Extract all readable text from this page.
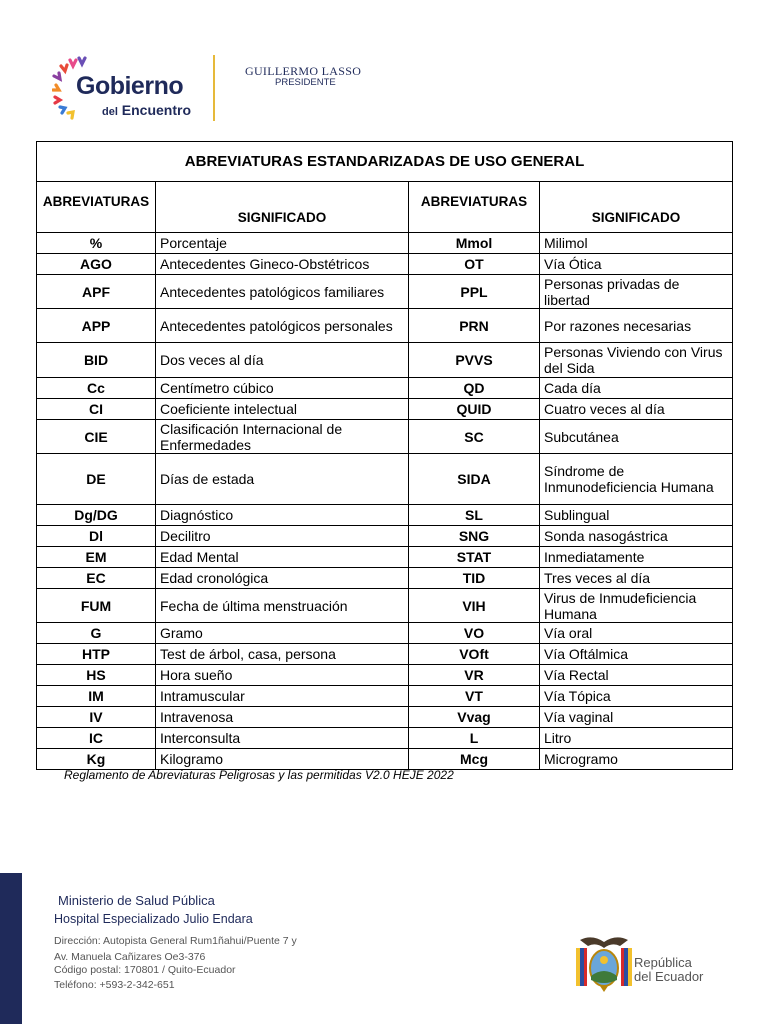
Gobierno
del Encuentro
GUILLERMO LASSO
PRESIDENTE
ABREVIATURAS ESTANDARIZADAS DE USO GENERAL			
ABREVIATURAS	SIGNIFICADO	ABREVIATURAS	SIGNIFICADO
%	Porcentaje	Mmol	Milimol
AGO	Antecedentes Gineco-Obstétricos	OT	Vía Ótica
APF	Antecedentes patológicos familiares	PPL	Personas privadas de libertad
APP	Antecedentes patológicos personales	PRN	Por razones necesarias
BID	Dos veces al día	PVVS	Personas Viviendo con Virus del Sida
Cc	Centímetro cúbico	QD	Cada día
CI	Coeficiente intelectual	QUID	Cuatro veces al día
CIE	Clasificación Internacional de Enfermedades	SC	Subcutánea
DE	Días de estada	SIDA	Síndrome de Inmunodeficiencia Humana
Dg/DG	Diagnóstico	SL	Sublingual
Dl	Decilitro	SNG	Sonda nasogástrica
EM	Edad Mental	STAT	Inmediatamente
EC	Edad cronológica	TID	Tres veces al día
FUM	Fecha de última menstruación	VIH	Virus de Inmudeficiencia Humana
G	Gramo	VO	Vía oral
HTP	Test de árbol, casa, persona	VOft	Vía Oftálmica
HS	Hora sueño	VR	Vía Rectal
IM	Intramuscular	VT	Vía Tópica
IV	Intravenosa	Vvag	Vía vaginal
IC	Interconsulta	L	Litro
Kg	Kilogramo	Mcg	Microgramo
Reglamento de Abreviaturas Peligrosas y las permitidas V2.0 HEJE 2022
Ministerio de Salud Pública
Hospital Especializado Julio Endara
Dirección: Autopista General Rum1ñahui/Puente 7 y
Av. Manuela Cañizares Oe3-376
Código postal: 170801 / Quito-Ecuador
Teléfono: +593-2-342-651
República
del Ecuador
